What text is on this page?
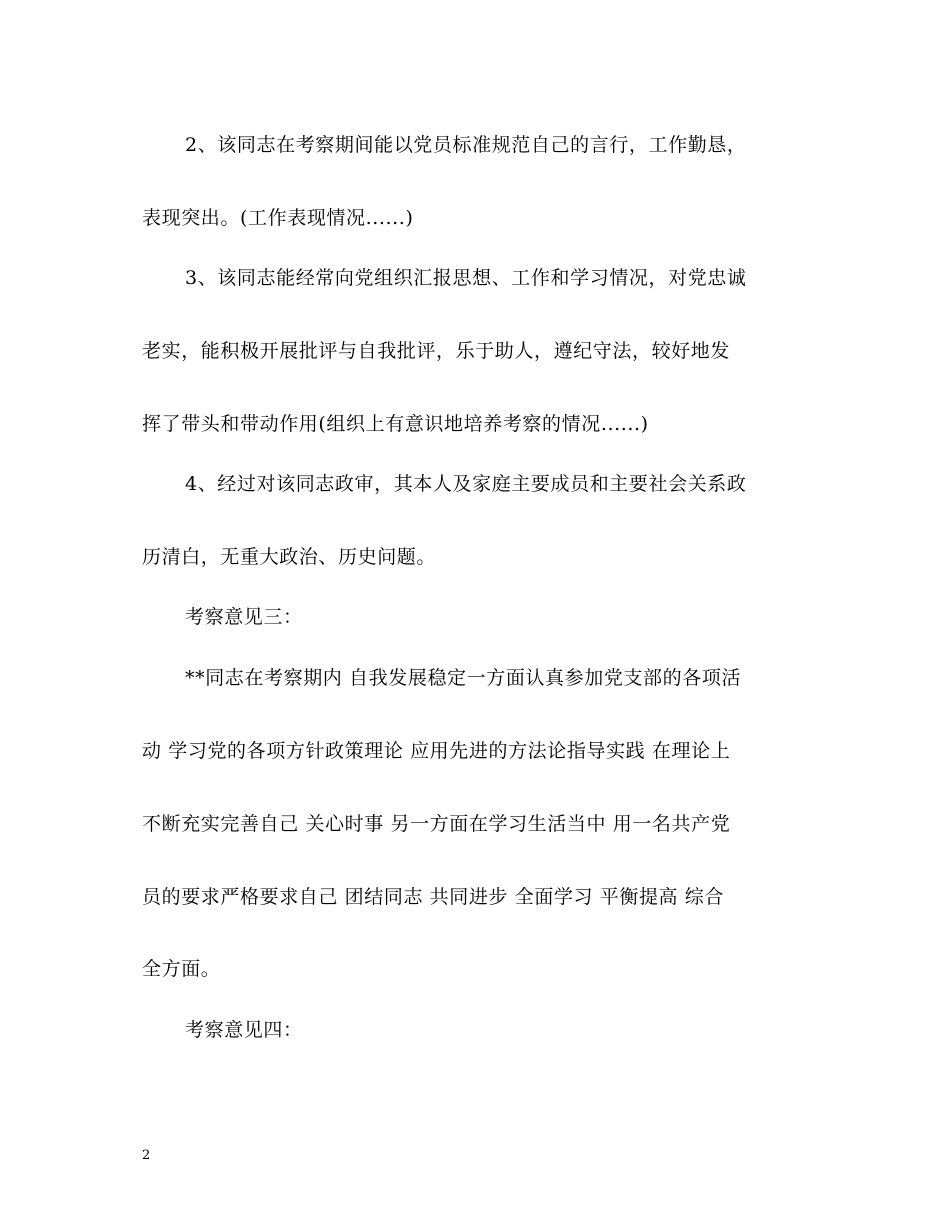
2、该同志在考察期间能以党员标准规范自己的言行，工作勤恳，
表现突出。(工作表现情况......)
3、该同志能经常向党组织汇报思想、工作和学习情况，对党忠诚
老实，能积极开展批评与自我批评，乐于助人，遵纪守法，较好地发
挥了带头和带动作用(组织上有意识地培养考察的情况......)
4、经过对该同志政审，其本人及家庭主要成员和主要社会关系政
历清白，无重大政治、历史问题。
考察意见三：
**同志在考察期内 自我发展稳定一方面认真参加党支部的各项活
动 学习党的各项方针政策理论 应用先进的方法论指导实践 在理论上
不断充实完善自己 关心时事 另一方面在学习生活当中 用一名共产党
员的要求严格要求自己 团结同志 共同进步 全面学习 平衡提高 综合
全方面。
考察意见四：
2
